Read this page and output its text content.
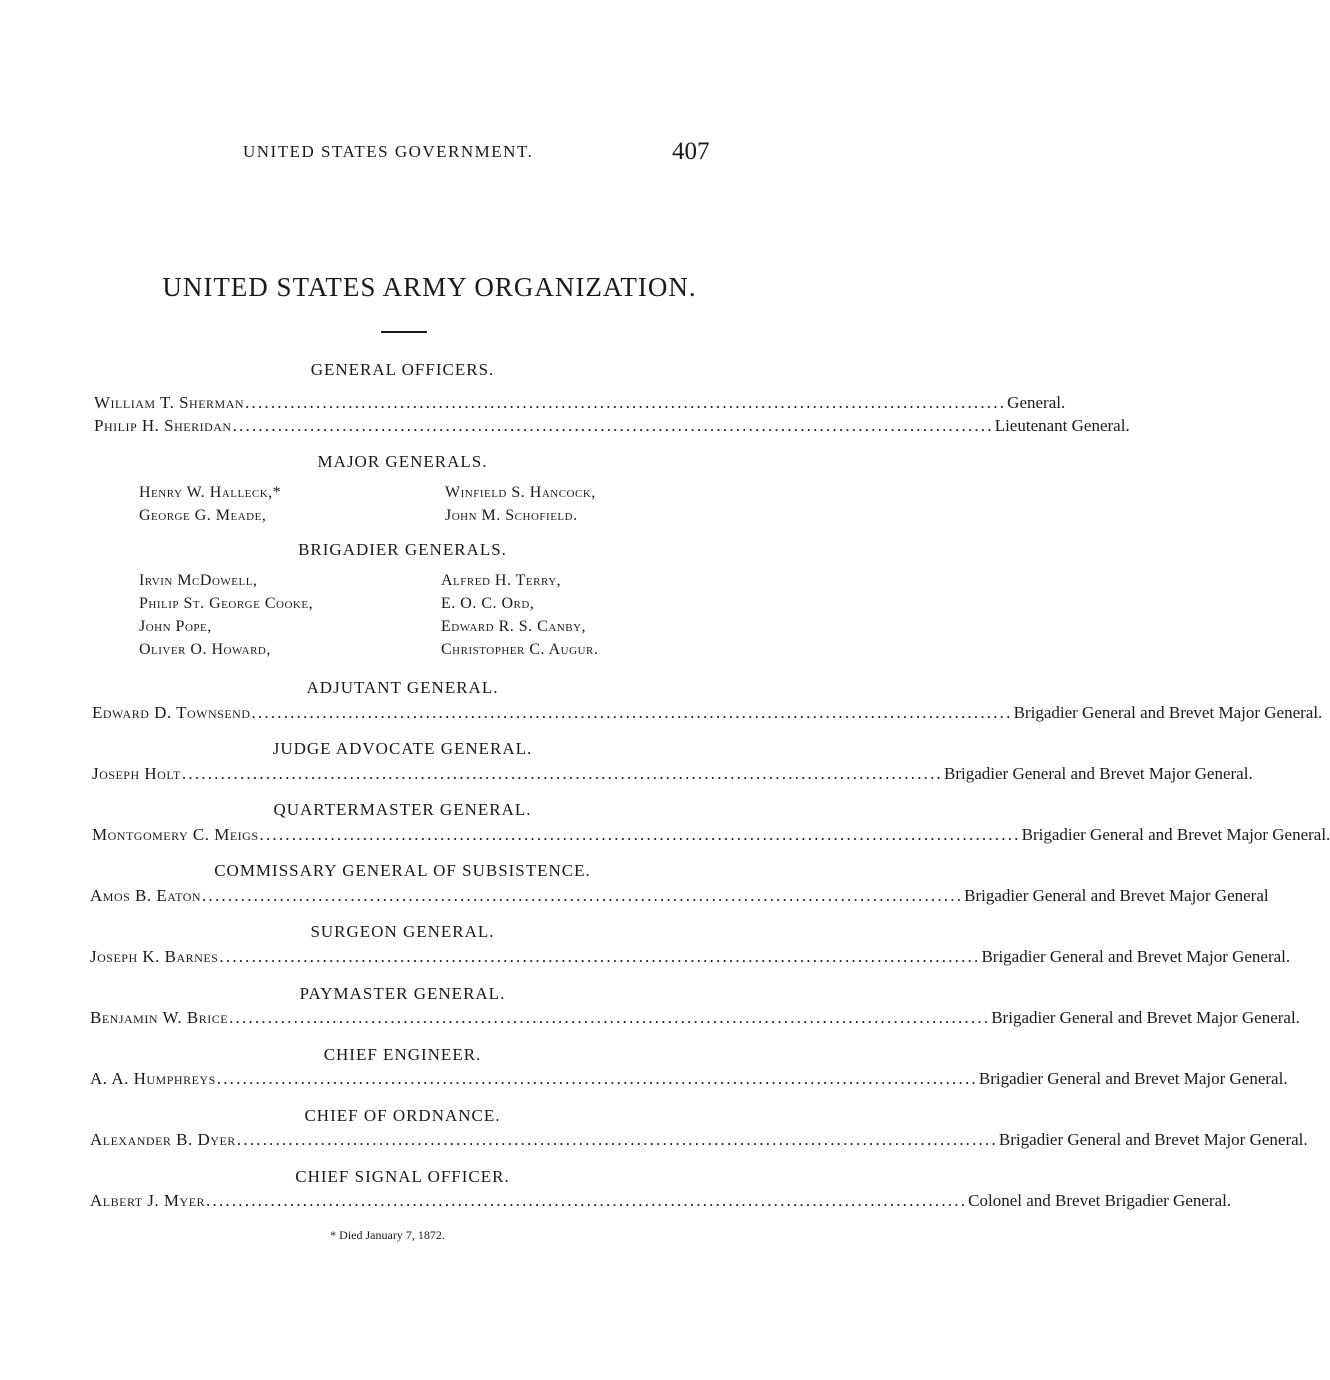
UNITED STATES GOVERNMENT.	407
UNITED STATES ARMY ORGANIZATION.
GENERAL OFFICERS.
William T. Sherman ...................................................................................................................... General.
Philip H. Sheridan ...................................................................................................................... Lieutenant General.
MAJOR GENERALS.
Henry W. Halleck,*
George G. Meade,
Winfield S. Hancock,
John M. Schofield.
BRIGADIER GENERALS.
Irvin McDowell,
Philip St. George Cooke,
John Pope,
Oliver O. Howard,
Alfred H. Terry,
E. O. C. Ord,
Edward R. S. Canby,
Christopher C. Augur.
ADJUTANT GENERAL.
Edward D. Townsend ...................................................................................................................... Brigadier General and Brevet Major General.
JUDGE ADVOCATE GENERAL.
Joseph Holt ...................................................................................................................... Brigadier General and Brevet Major General.
QUARTERMASTER GENERAL.
Montgomery C. Meigs ...................................................................................................................... Brigadier General and Brevet Major General.
COMMISSARY GENERAL OF SUBSISTENCE.
Amos B. Eaton ...................................................................................................................... Brigadier General and Brevet Major General
SURGEON GENERAL.
Joseph K. Barnes ...................................................................................................................... Brigadier General and Brevet Major General.
PAYMASTER GENERAL.
Benjamin W. Brice ...................................................................................................................... Brigadier General and Brevet Major General.
CHIEF ENGINEER.
A. A. Humphreys ...................................................................................................................... Brigadier General and Brevet Major General.
CHIEF OF ORDNANCE.
Alexander B. Dyer ...................................................................................................................... Brigadier General and Brevet Major General.
CHIEF SIGNAL OFFICER.
Albert J. Myer ...................................................................................................................... Colonel and Brevet Brigadier General.
* Died January 7, 1872.
